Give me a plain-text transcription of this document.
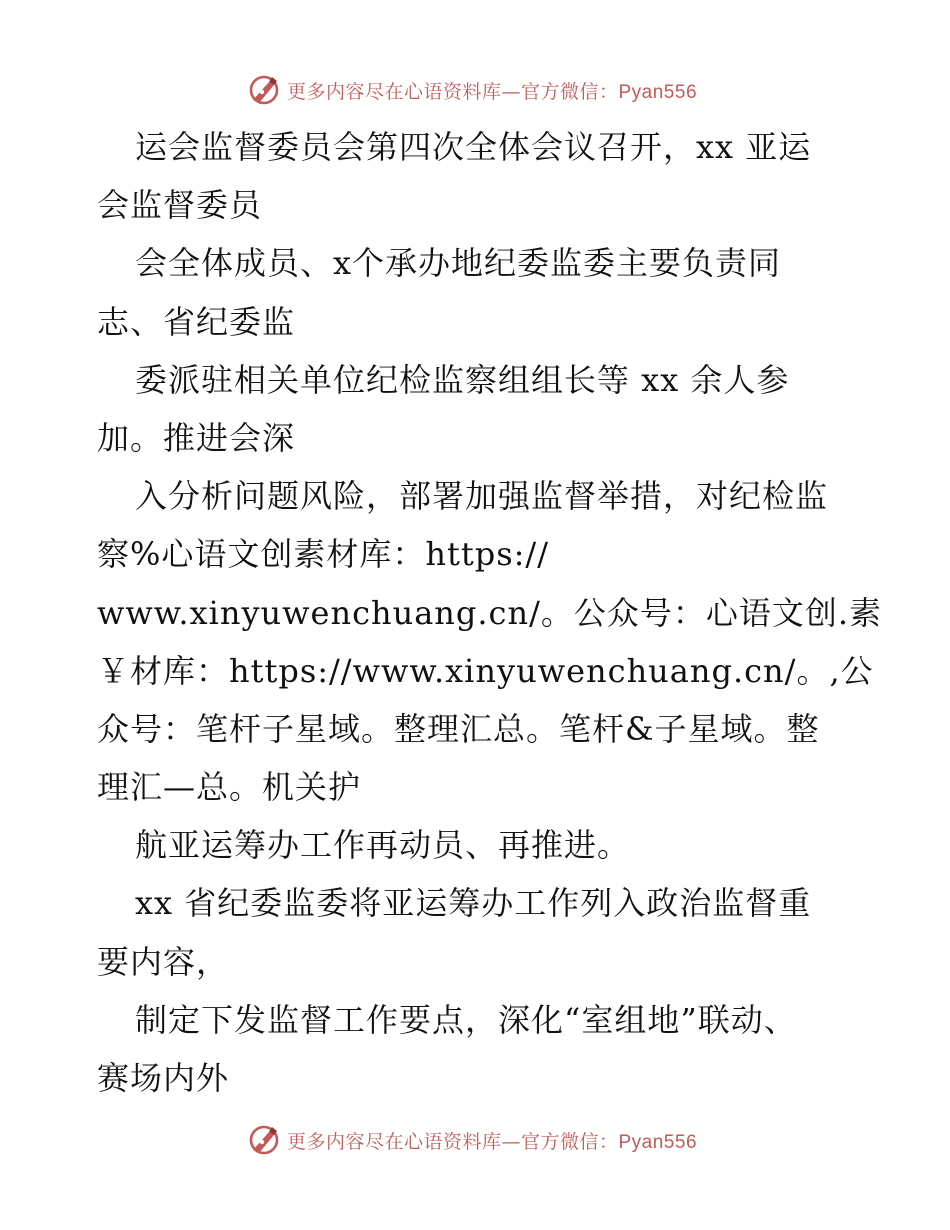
更多内容尽在心语资料库—官方微信：Pyan556
运会监督委员会第四次全体会议召开，xx 亚运
会监督委员
会全体成员、x个承办地纪委监委主要负责同
志、省纪委监
委派驻相关单位纪检监察组组长等 xx 余人参
加。推进会深
入分析问题风险，部署加强监督举措，对纪检监
察%心语文创素材库：https://
www.xinyuwenchuang.cn/。公众号：心语文创.素
￥材库：https://www.xinyuwenchuang.cn/。,公
众号：笔杆子星域。整理汇总。笔杆&子星域。整
理汇—总。机关护
航亚运筹办工作再动员、再推进。
xx 省纪委监委将亚运筹办工作列入政治监督重
要内容，
制定下发监督工作要点，深化“室组地”联动、
赛场内外
更多内容尽在心语资料库—官方微信：Pyan556
